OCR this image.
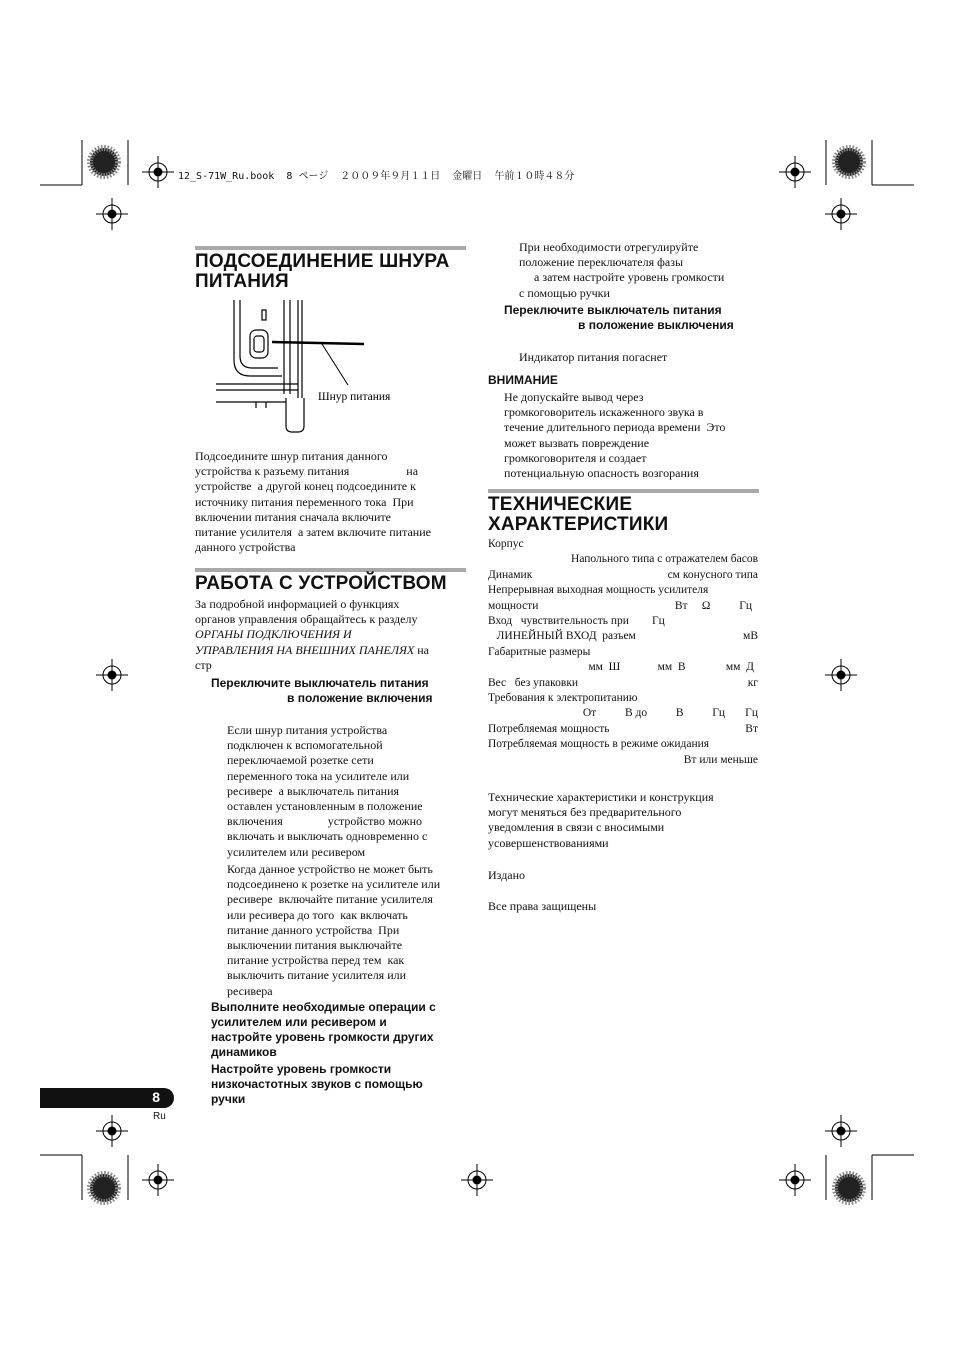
12_S-71W_Ru.book  8 ページ  ２００９年９月１１日  金曜日  午前１０時４８分
ПОДСОЕДИНЕНИЕ ШНУРА
ПИТАНИЯ
Шнур питания
Подсоедините шнур питания данного
устройства к разъему питания                   на
устройстве  а другой конец подсоедините к
источнику питания переменного тока  При
включении питания сначала включите
питание усилителя  а затем включите питание
данного устройства
РАБОТА С УСТРОЙСТВОМ
За подробной информацией о функциях
органов управления обращайтесь к разделу
ОРГАНЫ ПОДКЛЮЧЕНИЯ И
УПРАВЛЕНИЯ НА ВНЕШНИХ ПАНЕЛЯХ на
стр
Переключите выключатель питания
в положение включения
Если шнур питания устройства
подключен к вспомогательной
переключаемой розетке сети
переменного тока на усилителе или
ресивере  а выключатель питания
оставлен установленным в положение
включения               устройство можно
включать и выключать одновременно с
усилителем или ресивером
Когда данное устройство не может быть
подсоединено к розетке на усилителе или
ресивере  включайте питание усилителя
или ресивера до того  как включать
питание данного устройства  При
выключении питания выключайте
питание устройства перед тем  как
выключить питание усилителя или
ресивера
Выполните необходимые операции с
усилителем или ресивером и
настройте уровень громкости других
динамиков
Настройте уровень громкости
низкочастотных звуков с помощью
ручки
При необходимости отрегулируйте
положение переключателя фазы
а затем настройте уровень громкости
с помощью ручки
Переключите выключатель питания
в положение выключения
Индикатор питания погаснет
ВНИМАНИЕ
Не допускайте вывод через
громкоговоритель искаженного звука в
течение длительного периода времени  Это
может вызвать повреждение
громкоговорителя и создает
потенциальную опасность возгорания
ТЕХНИЧЕСКИЕ
ХАРАКТЕРИСТИКИ
Корпус
Напольного типа с отражателем басов
Динамик	см конусного типа
Непрерывная выходная мощность усилителя
мощности	Вт     Ω          Гц
Вход   чувствительность при        Гц
ЛИНЕЙНЫЙ ВХОД  разъем	мВ
Габаритные размеры
мм  Ш             мм  В              мм  Д
Вес   без упаковки	кг
Требования к электропитанию
От          В до          В          Гц       Гц
Потребляемая мощность	Вт
Потребляемая мощность в режиме ожидания
Вт или меньше
Технические характеристики и конструкция
могут меняться без предварительного
уведомления в связи с вносимыми
усовершенствованиями
Издано
Все права защищены
8
Ru
